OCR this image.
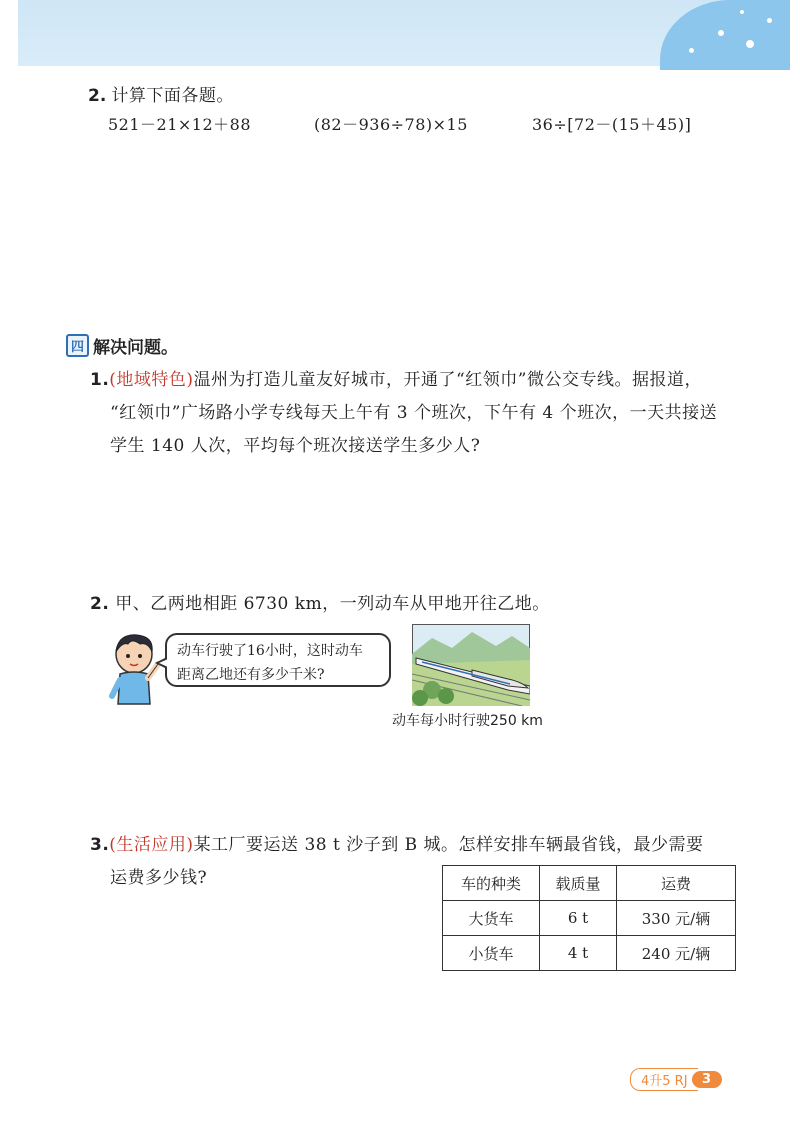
2. 计算下面各题。
521－21×12＋88	(82－936÷78)×15	36÷[72－(15＋45)]
四 解决问题。
1.(地域特色)温州为打造儿童友好城市，开通了“红领巾”微公交专线。据报道，
“红领巾”广场路小学专线每天上午有 3 个班次，下午有 4 个班次，一天共接送
学生 140 人次，平均每个班次接送学生多少人?
2. 甲、乙两地相距 6730 km，一列动车从甲地开往乙地。
动车行驶了16小时，这时动车
距离乙地还有多少千米?
动车每小时行驶250 km
3.(生活应用)某工厂要运送 38 t 沙子到 B 城。怎样安排车辆最省钱，最少需要
运费多少钱?	车的种类	载质量	运费
大货车	6 t	330 元/辆
小货车	4 t	240 元/辆
4升5 RJ	3
